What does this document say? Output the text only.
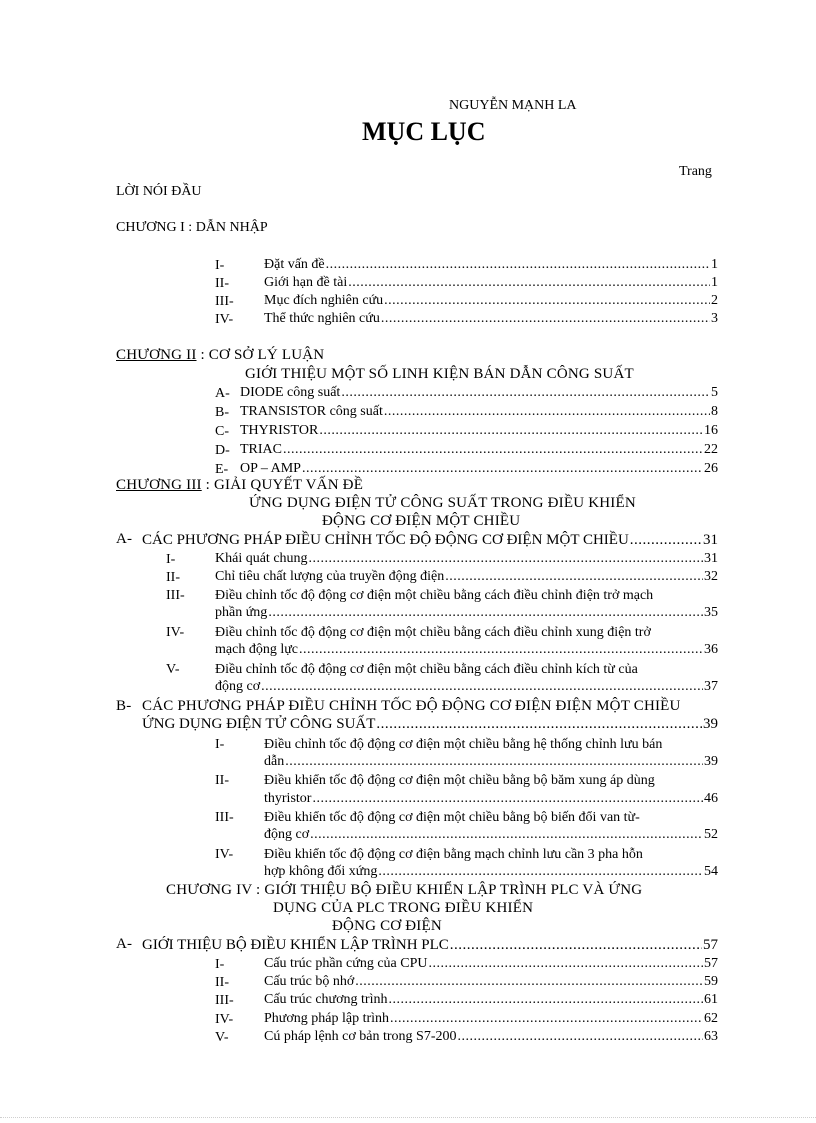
NGUYỄN MẠNH LA
MỤC LỤC
Trang
LỜI NÓI ĐẦU
CHƯƠNG I : DẪN NHẬP
I-	Đặt vấn đề .....	1
II-	Giới hạn đề tài .....	1
III- Mục đích nghiên cứu .....	2
IV- Thể thức nghiên cứu .....	3
CHƯƠNG II : CƠ SỞ LÝ LUẬN
GIỚI THIỆU MỘT SỐ LINH KIỆN BÁN DẪN CÔNG SUẤT
A- DIODE công suất .....	5
B- TRANSISTOR công suất .....	8
C- THYRISTOR .....	16
D- TRIAC .....	22
E- OP – AMP .....	26
CHƯƠNG III : GIẢI QUYẾT VẤN ĐỀ
ỨNG DỤNG ĐIỆN TỬ CÔNG SUẤT TRONG ĐIỀU KHIỂN
ĐỘNG CƠ ĐIỆN MỘT CHIỀU
A- CÁC PHƯƠNG PHÁP ĐIỀU CHỈNH TỐC ĐỘ ĐỘNG CƠ ĐIỆN MỘT CHIỀU .....	31
I-	Khái quát chung .....	31
II-	Chỉ tiêu chất lượng của truyền động điện .....	32
III- Điều chỉnh tốc độ động cơ điện một chiều bằng cách điều chỉnh điện trở mạch
phần ứng .....	35
IV- Điều chỉnh tốc độ động cơ điện một chiều bằng cách điều chỉnh xung điện trở
mạch động lực .....	36
V-	Điều chỉnh tốc độ động cơ điện một chiều bằng cách điều chỉnh kích từ của
động cơ .....	37
B- CÁC PHƯƠNG PHÁP ĐIỀU CHỈNH TỐC ĐỘ ĐỘNG CƠ ĐIỆN ĐIỆN MỘT CHIỀU
ỨNG DỤNG ĐIỆN TỬ CÔNG SUẤT .....	39
I-	Điều chỉnh tốc độ động cơ điện một chiều bằng hệ thống chỉnh lưu bán
dẫn .....	39
II-	Điều khiển tốc độ động cơ điện một chiều bằng bộ băm xung áp dùng
thyristor .....	46
III- Điều khiển tốc độ động cơ điện một chiều bằng bộ biến đổi van từ-
động cơ .....	52
IV- Điều khiển tốc độ động cơ điện bằng mạch chỉnh lưu cần 3 pha hỗn
hợp không đối xứng .....	54
CHƯƠNG IV : GIỚI THIỆU BỘ ĐIỀU KHIỂN LẬP TRÌNH PLC VÀ ỨNG
DỤNG CỦA PLC TRONG ĐIỀU KHIỂN
ĐỘNG CƠ ĐIỆN
A- GIỚI THIỆU BỘ ĐIỀU KHIỂN LẬP TRÌNH PLC .....	57
I-	Cấu trúc phần cứng của CPU .....	57
II-	Cấu trúc bộ nhớ .....	59
III- Cấu trúc chương trình .....	61
IV- Phương pháp lập trình .....	62
V-	Cú pháp lệnh cơ bản trong S7-200 .....	63
